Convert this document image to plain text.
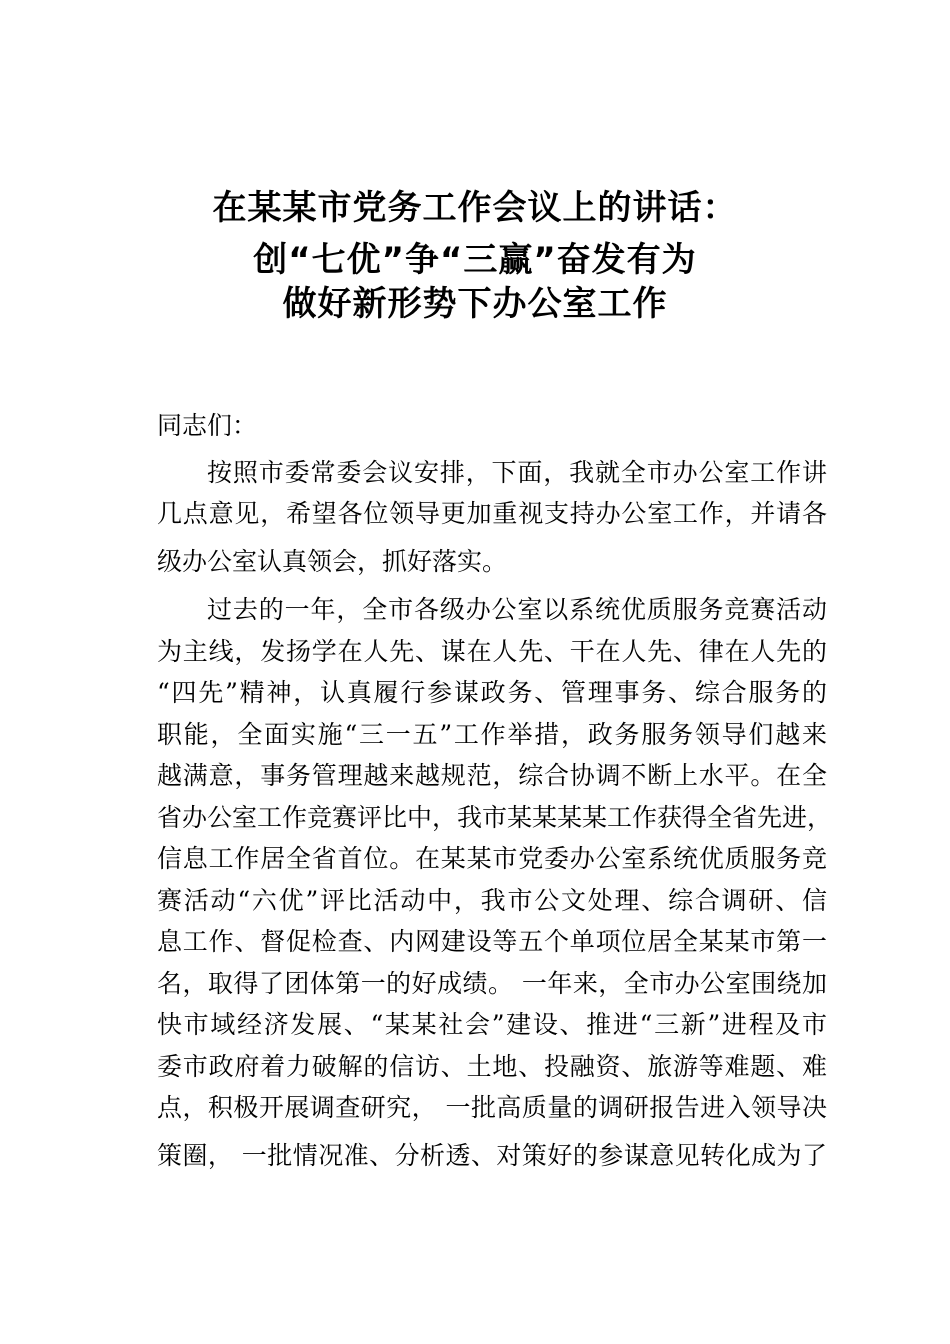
在某某市党务工作会议上的讲话：
创“七优”争“三赢”奋发有为
做好新形势下办公室工作
同志们：
按照市委常委会议安排，下面，我就全市办公室工作讲
几点意见，希望各位领导更加重视支持办公室工作，并请各
级办公室认真领会，抓好落实。
过去的一年，全市各级办公室以系统优质服务竞赛活动
为主线，发扬学在人先、谋在人先、干在人先、律在人先的
“四先”精神，认真履行参谋政务、管理事务、综合服务的
职能，全面实施“三一五”工作举措，政务服务领导们越来
越满意，事务管理越来越规范，综合协调不断上水平。在全
省办公室工作竞赛评比中，我市某某某某工作获得全省先进，
信息工作居全省首位。在某某市党委办公室系统优质服务竞
赛活动“六优”评比活动中，我市公文处理、综合调研、信
息工作、督促检查、内网建设等五个单项位居全某某市第一
名，取得了团体第一的好成绩。 一年来，全市办公室围绕加
快市域经济发展、“某某社会”建设、推进“三新”进程及市
委市政府着力破解的信访、土地、投融资、旅游等难题、难
点，积极开展调查研究， 一批高质量的调研报告进入领导决
策圈， 一批情况准、分析透、对策好的参谋意见转化成为了
